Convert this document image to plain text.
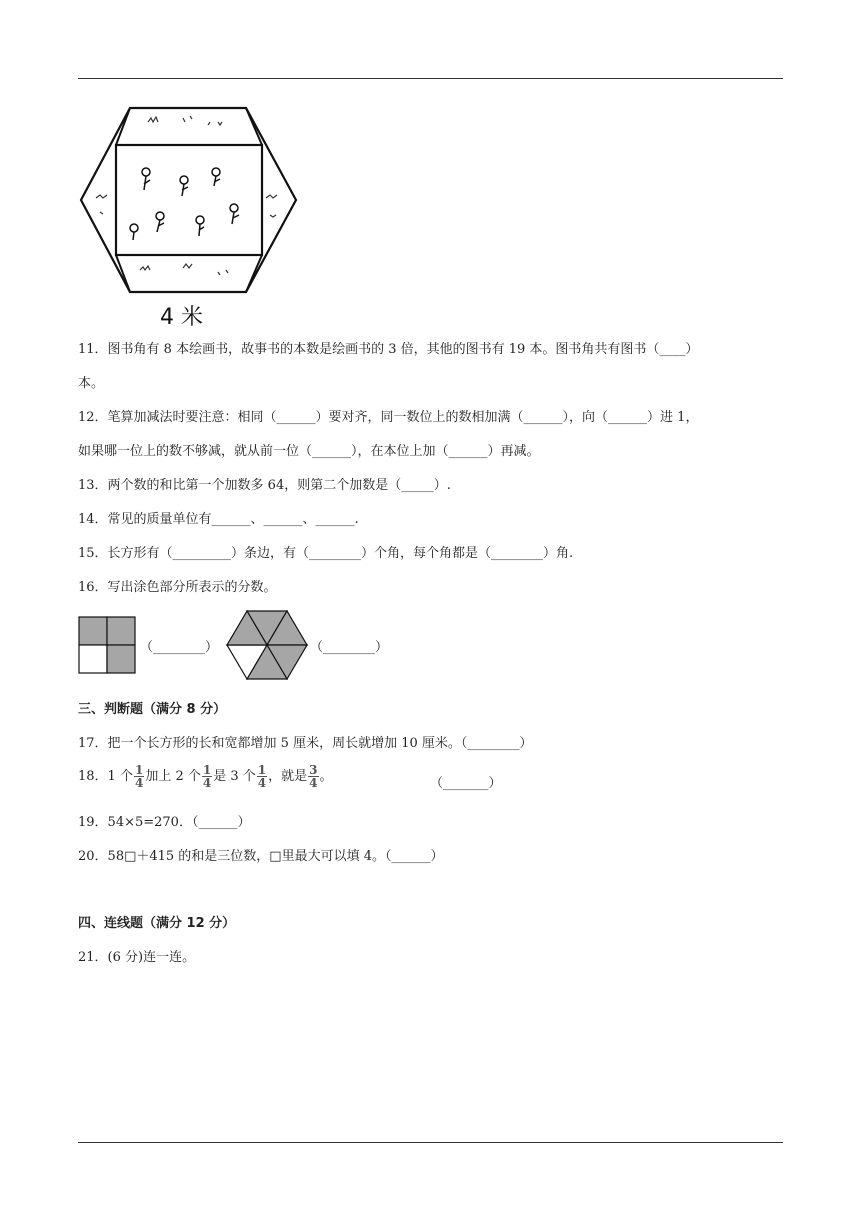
4 米
11．图书角有 8 本绘画书，故事书的本数是绘画书的 3 倍，其他的图书有 19 本。图书角共有图书（____）
本。
12．笔算加减法时要注意：相同（______）要对齐，同一数位上的数相加满（______），向（______）进 1，
如果哪一位上的数不够减，就从前一位（______），在本位上加（______）再减。
13．两个数的和比第一个加数多 64，则第二个加数是（_____）.
14．常见的质量单位有______、______、______.
15．长方形有（_________）条边，有（________）个角，每个角都是（________）角.
16．写出涂色部分所表示的分数。
（________）	（________）
三、判断题（满分 8 分）
17．把一个长方形的长和宽都增加 5 厘米，周长就增加 10 厘米。（________）
18．1 个 $\frac{1}{4}$ 加上 2 个 $\frac{1}{4}$ 是 3 个 $\frac{1}{4}$ ，就是 $\frac{3}{4}$ 。	（_______）
19．54×5=270．（______）
20．58□＋415 的和是三位数，□里最大可以填 4。（______）
四、连线题（满分 12 分）
21．(6 分)连一连。
